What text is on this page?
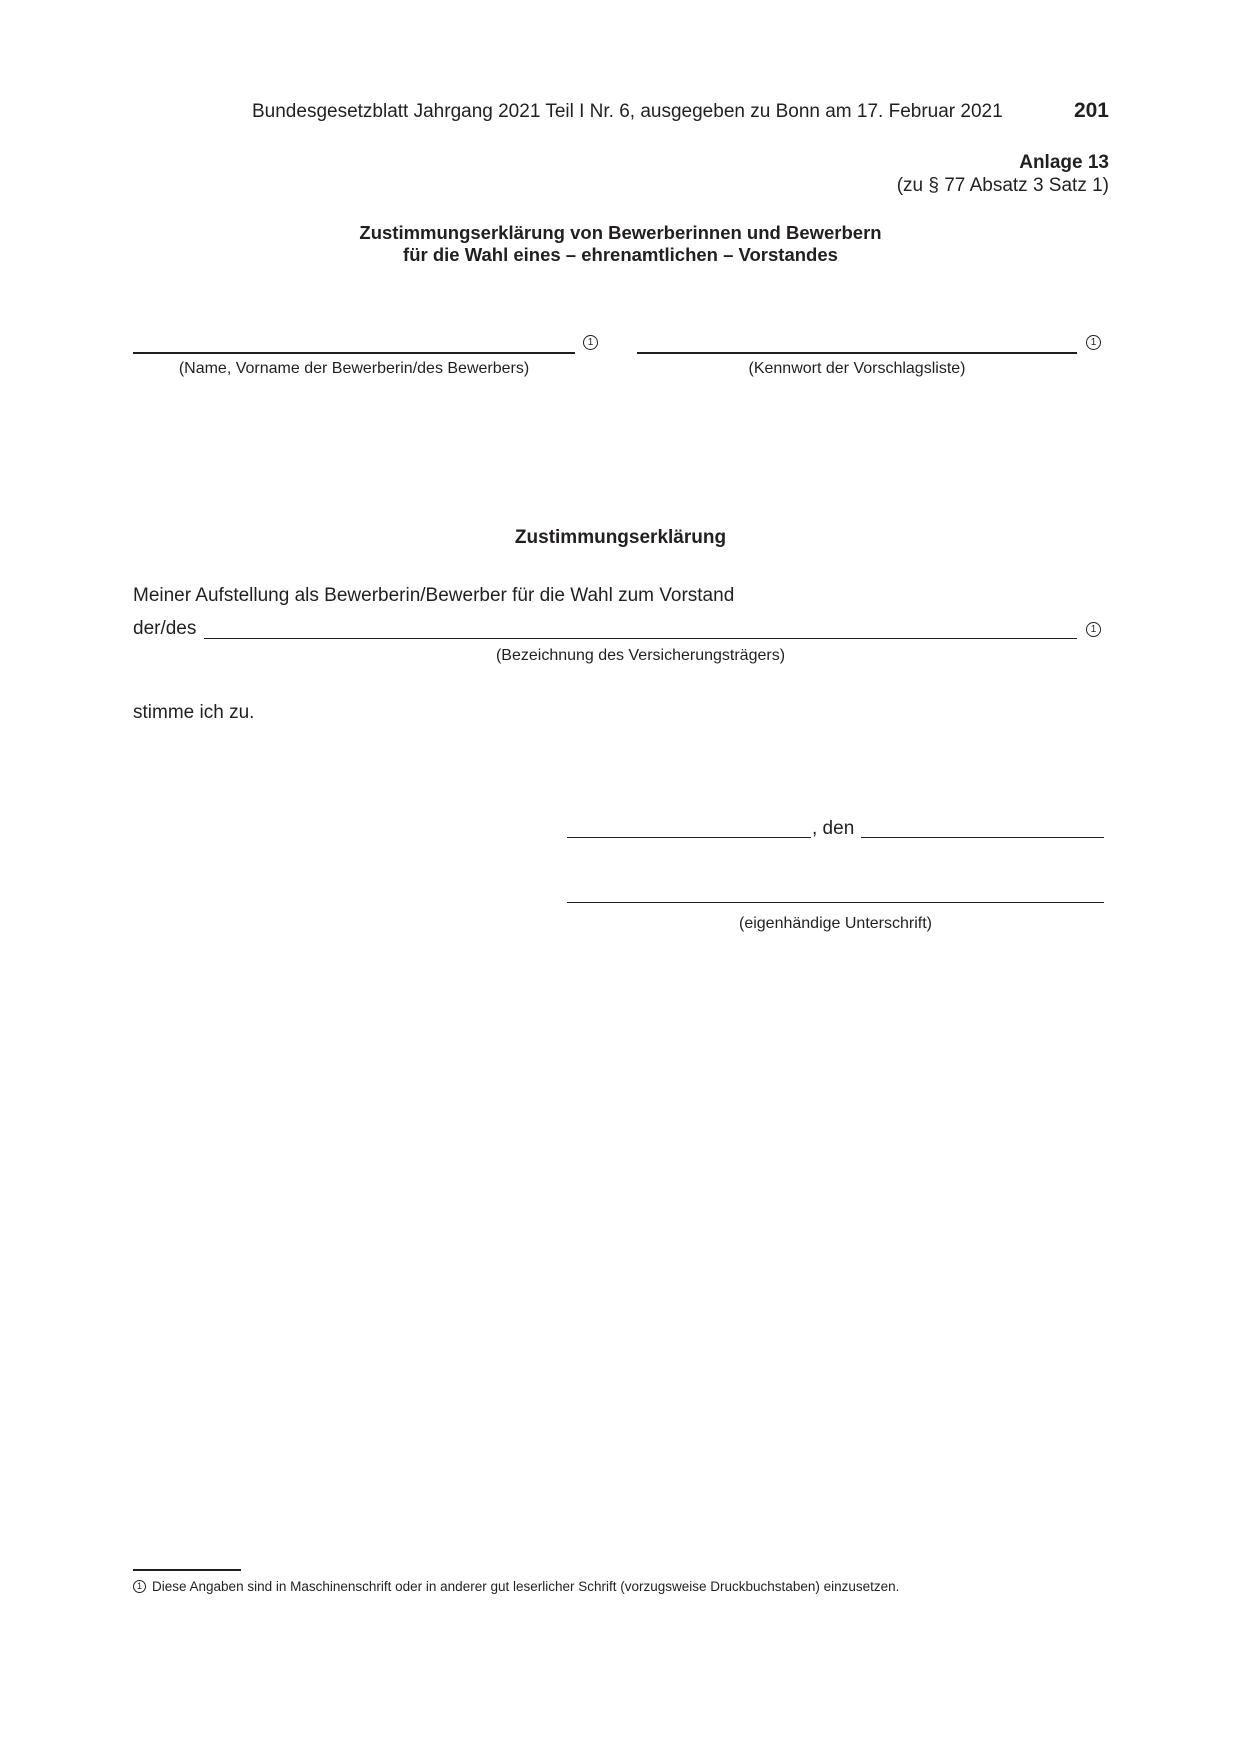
Bundesgesetzblatt Jahrgang 2021 Teil I Nr. 6, ausgegeben zu Bonn am 17. Februar 2021	201
Anlage 13
(zu § 77 Absatz 3 Satz 1)
Zustimmungserklärung von Bewerberinnen und Bewerbern
für die Wahl eines – ehrenamtlichen – Vorstandes
1
(Name, Vorname der Bewerberin/des Bewerbers)
1
(Kennwort der Vorschlagsliste)
Zustimmungserklärung
Meiner Aufstellung als Bewerberin/Bewerber für die Wahl zum Vorstand
der/des	1
(Bezeichnung des Versicherungsträgers)
stimme ich zu.
, den
(eigenhändige Unterschrift)
1 Diese Angaben sind in Maschinenschrift oder in anderer gut leserlicher Schrift (vorzugsweise Druckbuchstaben) einzusetzen.
